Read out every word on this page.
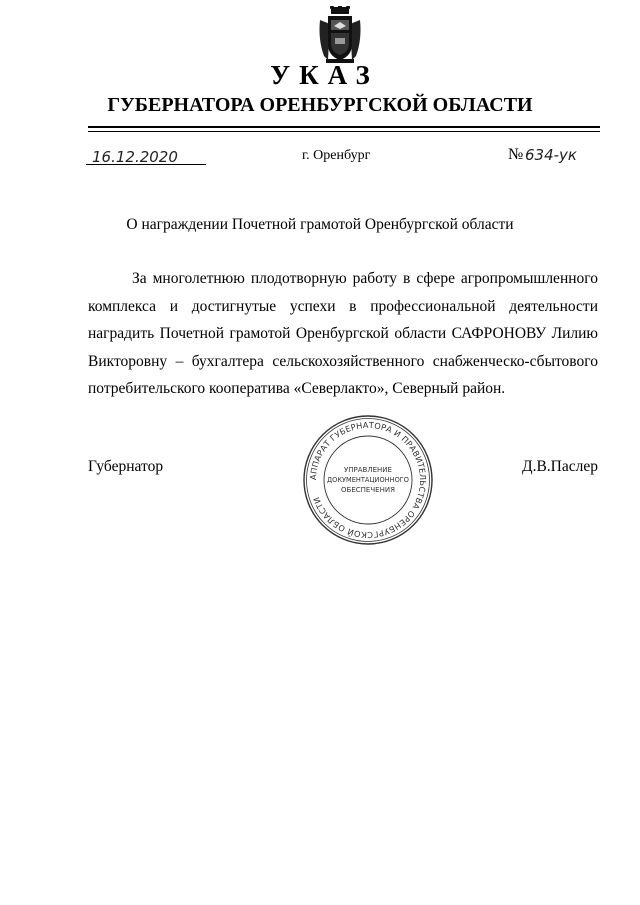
УКАЗ
ГУБЕРНАТОРА ОРЕНБУРГСКОЙ ОБЛАСТИ
16.12.2020	г. Оренбург	№ 634-ук
О награждении Почетной грамотой Оренбургской области

За многолетнюю плодотворную работу в сфере агропромышленного комплекса и достигнутые успехи в профессиональной деятельности наградить Почетной грамотой Оренбургской области САФРОНОВУ Лилию Викторовну – бухгалтера сельскохозяйственного снабженческо-сбытового потребительского кооператива «Северлакто», Северный район.

Губернатор	Д.В.Паслер
АППАРАТ ГУБЕРНАТОРА И ПРАВИТЕЛЬСТВА ОРЕНБУРГСКОЙ ОБЛАСТИ
УПРАВЛЕНИЕ
ДОКУМЕНТАЦИОННОГО
ОБЕСПЕЧЕНИЯ
